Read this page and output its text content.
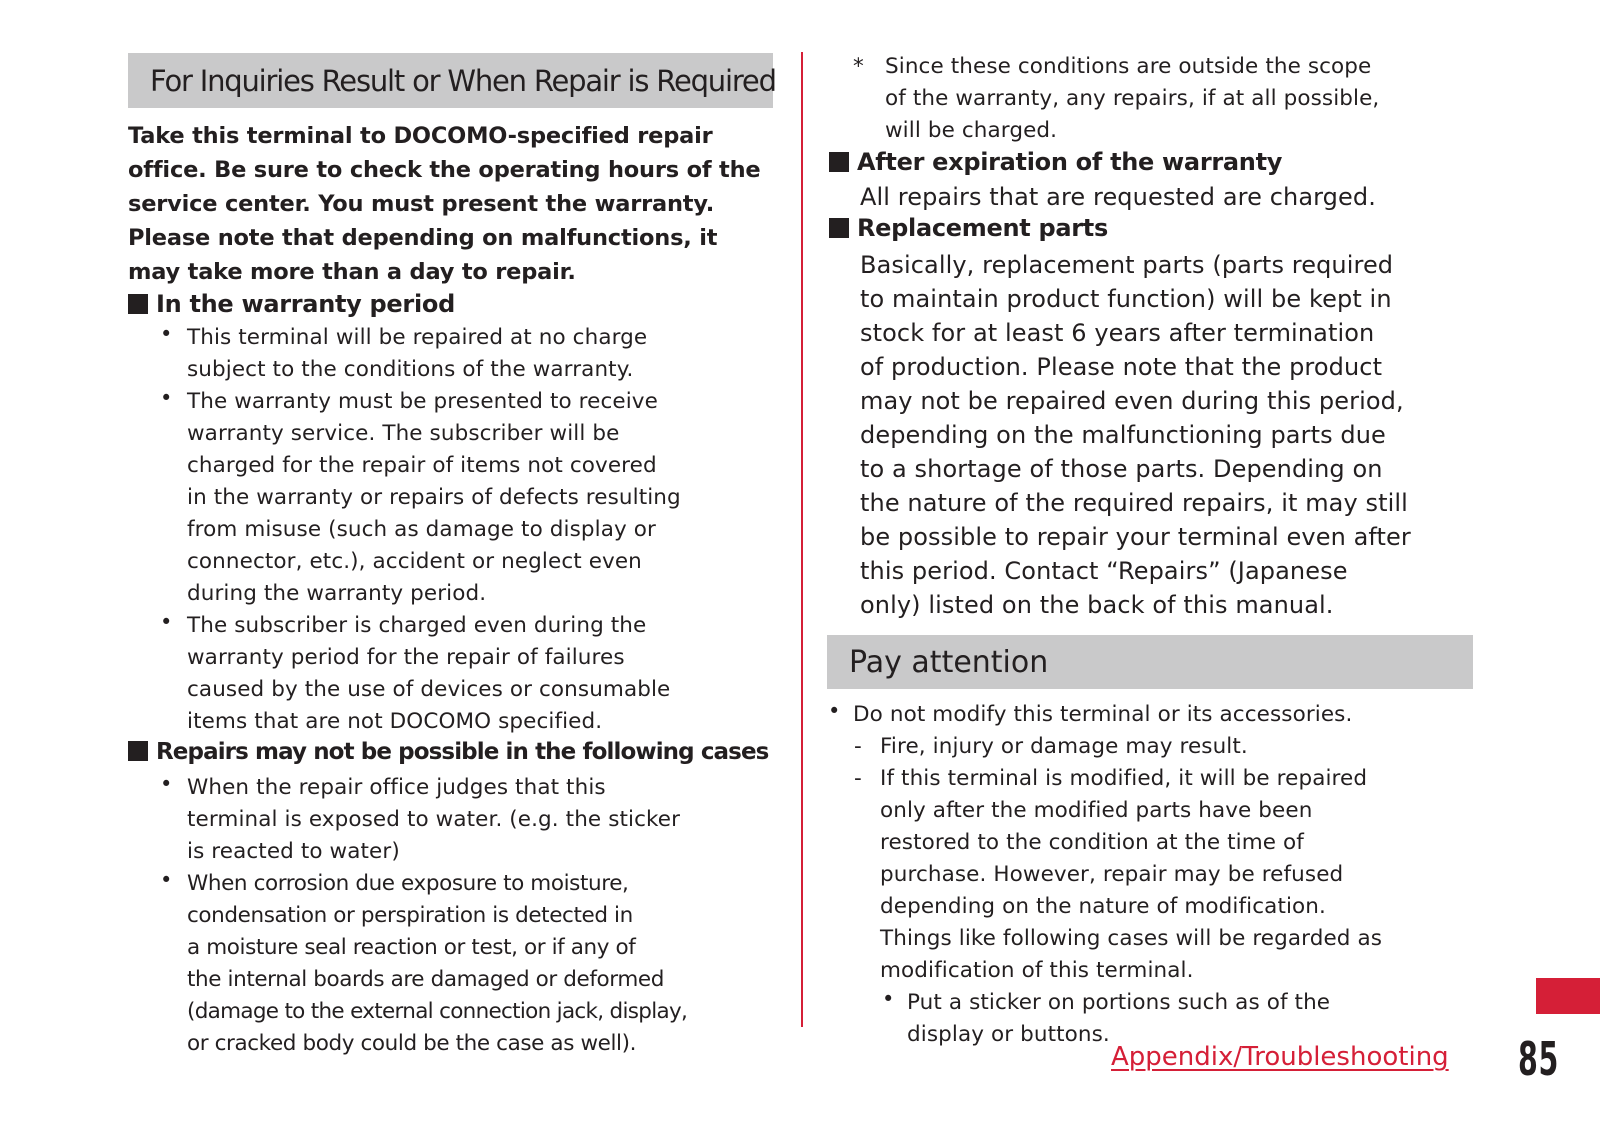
For Inquiries Result or When Repair is Required
Take this terminal to DOCOMO-specified repair
office. Be sure to check the operating hours of the
service center. You must present the warranty.
Please note that depending on malfunctions, it
may take more than a day to repair.
In the warranty period
• This terminal will be repaired at no charge
subject to the conditions of the warranty.
• The warranty must be presented to receive
warranty service. The subscriber will be
charged for the repair of items not covered
in the warranty or repairs of defects resulting
from misuse (such as damage to display or
connector, etc.), accident or neglect even
during the warranty period.
• The subscriber is charged even during the
warranty period for the repair of failures
caused by the use of devices or consumable
items that are not DOCOMO specified.
Repairs may not be possible in the following cases
• When the repair office judges that this
terminal is exposed to water. (e.g. the sticker
is reacted to water)
• When corrosion due exposure to moisture,
condensation or perspiration is detected in
a moisture seal reaction or test, or if any of
the internal boards are damaged or deformed
(damage to the external connection jack, display,
or cracked body could be the case as well).
* Since these conditions are outside the scope
of the warranty, any repairs, if at all possible,
will be charged.
After expiration of the warranty
All repairs that are requested are charged.
Replacement parts
Basically, replacement parts (parts required
to maintain product function) will be kept in
stock for at least 6 years after termination
of production. Please note that the product
may not be repaired even during this period,
depending on the malfunctioning parts due
to a shortage of those parts. Depending on
the nature of the required repairs, it may still
be possible to repair your terminal even after
this period. Contact “Repairs” (Japanese
only) listed on the back of this manual.
Pay attention
• Do not modify this terminal or its accessories.
- Fire, injury or damage may result.
- If this terminal is modified, it will be repaired
only after the modified parts have been
restored to the condition at the time of
purchase. However, repair may be refused
depending on the nature of modification.
Things like following cases will be regarded as
modification of this terminal.
• Put a sticker on portions such as of the
display or buttons.
Appendix/Troubleshooting 85
